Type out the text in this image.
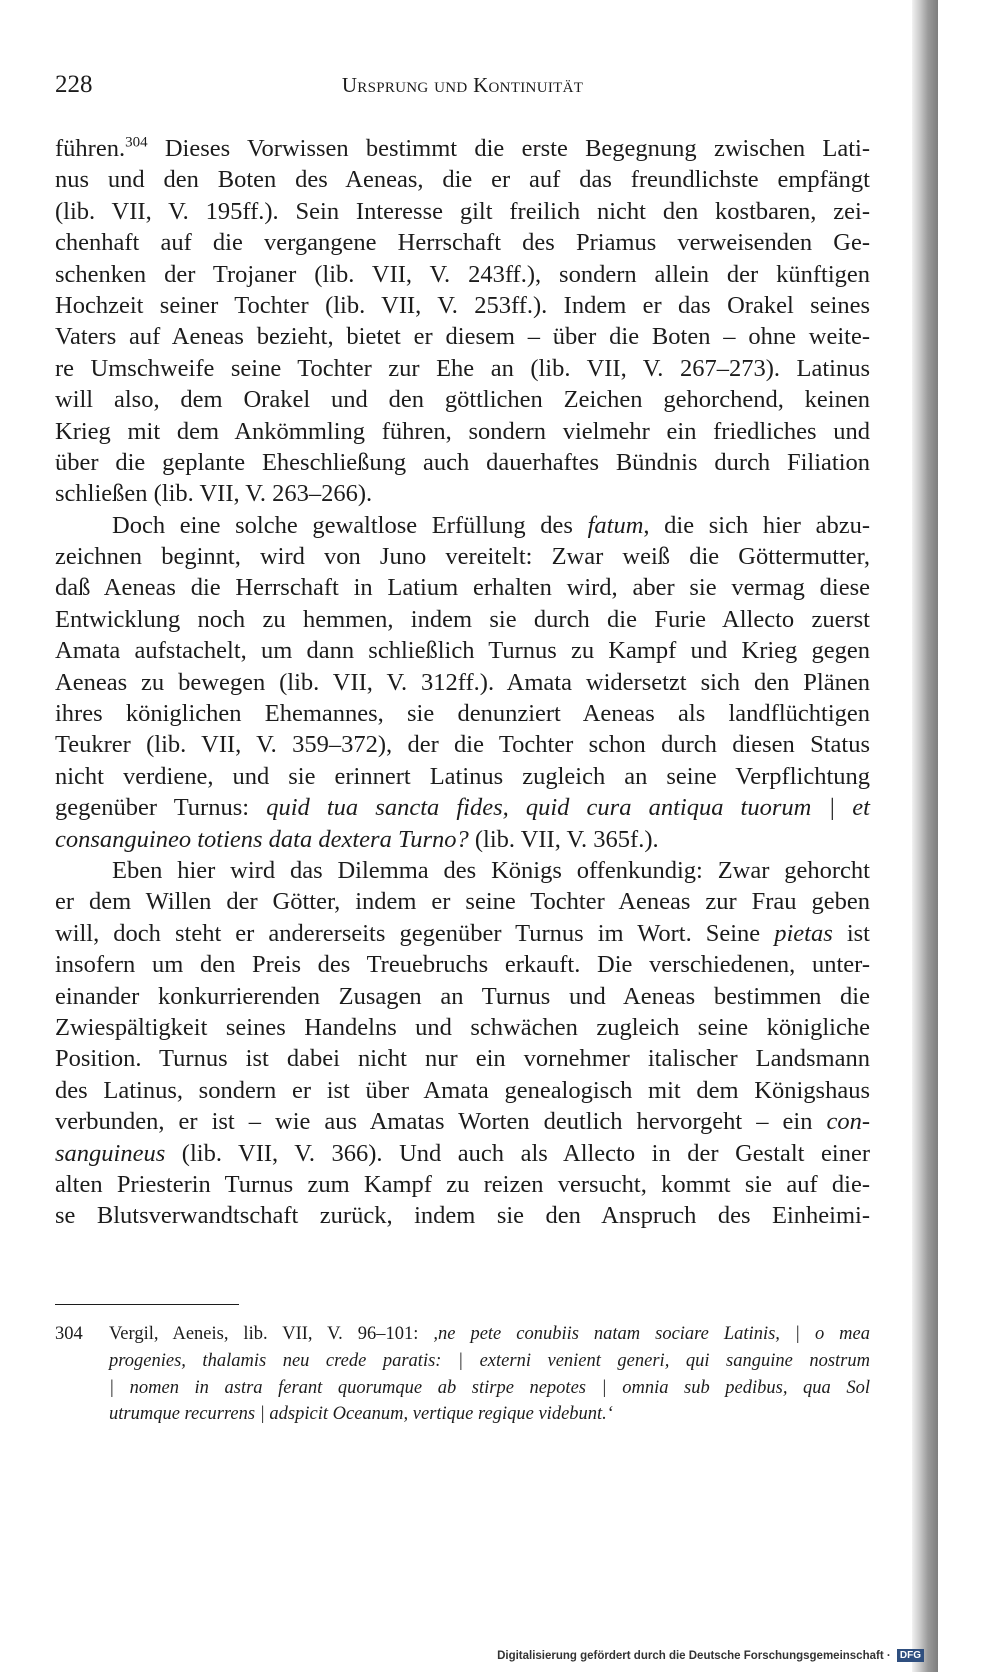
228	Ursprung und Kontinuität
führen.$^{304}$ Dieses Vorwissen bestimmt die erste Begegnung zwischen Lati-
nus und den Boten des Aeneas, die er auf das freundlichste empfängt
(lib. VII, V. 195ff.). Sein Interesse gilt freilich nicht den kostbaren, zei-
chenhaft auf die vergangene Herrschaft des Priamus verweisenden Ge-
schenken der Trojaner (lib. VII, V. 243ff.), sondern allein der künftigen
Hochzeit seiner Tochter (lib. VII, V. 253ff.). Indem er das Orakel seines
Vaters auf Aeneas bezieht, bietet er diesem – über die Boten – ohne weite-
re Umschweife seine Tochter zur Ehe an (lib. VII, V. 267–273). Latinus
will also, dem Orakel und den göttlichen Zeichen gehorchend, keinen
Krieg mit dem Ankömmling führen, sondern vielmehr ein friedliches und
über die geplante Eheschließung auch dauerhaftes Bündnis durch Filiation
schließen (lib. VII, V. 263–266).
Doch eine solche gewaltlose Erfüllung des fatum, die sich hier abzu-
zeichnen beginnt, wird von Juno vereitelt: Zwar weiß die Göttermutter,
daß Aeneas die Herrschaft in Latium erhalten wird, aber sie vermag diese
Entwicklung noch zu hemmen, indem sie durch die Furie Allecto zuerst
Amata aufstachelt, um dann schließlich Turnus zu Kampf und Krieg gegen
Aeneas zu bewegen (lib. VII, V. 312ff.). Amata widersetzt sich den Plänen
ihres königlichen Ehemannes, sie denunziert Aeneas als landflüchtigen
Teukrer (lib. VII, V. 359–372), der die Tochter schon durch diesen Status
nicht verdiene, und sie erinnert Latinus zugleich an seine Verpflichtung
gegenüber Turnus: quid tua sancta fides, quid cura antiqua tuorum | et
consanguineo totiens data dextera Turno? (lib. VII, V. 365f.).
Eben hier wird das Dilemma des Königs offenkundig: Zwar gehorcht
er dem Willen der Götter, indem er seine Tochter Aeneas zur Frau geben
will, doch steht er andererseits gegenüber Turnus im Wort. Seine pietas ist
insofern um den Preis des Treuebruchs erkauft. Die verschiedenen, unter-
einander konkurrierenden Zusagen an Turnus und Aeneas bestimmen die
Zwiespältigkeit seines Handelns und schwächen zugleich seine königliche
Position. Turnus ist dabei nicht nur ein vornehmer italischer Landsmann
des Latinus, sondern er ist über Amata genealogisch mit dem Königshaus
verbunden, er ist – wie aus Amatas Worten deutlich hervorgeht – ein con-
sanguineus (lib. VII, V. 366). Und auch als Allecto in der Gestalt einer
alten Priesterin Turnus zum Kampf zu reizen versucht, kommt sie auf die-
se Blutsverwandtschaft zurück, indem sie den Anspruch des Einheimi-
304 Vergil, Aeneis, lib. VII, V. 96–101: ,ne pete conubiis natam sociare Latinis, | o mea
progenies, thalamis neu crede paratis: | externi venient generi, qui sanguine nostrum
| nomen in astra ferant quorumque ab stirpe nepotes | omnia sub pedibus, qua Sol
utrumque recurrens | adspicit Oceanum, vertique regique videbunt.‘
Digitalisierung gefördert durch die Deutsche Forschungsgemeinschaft · DFG
